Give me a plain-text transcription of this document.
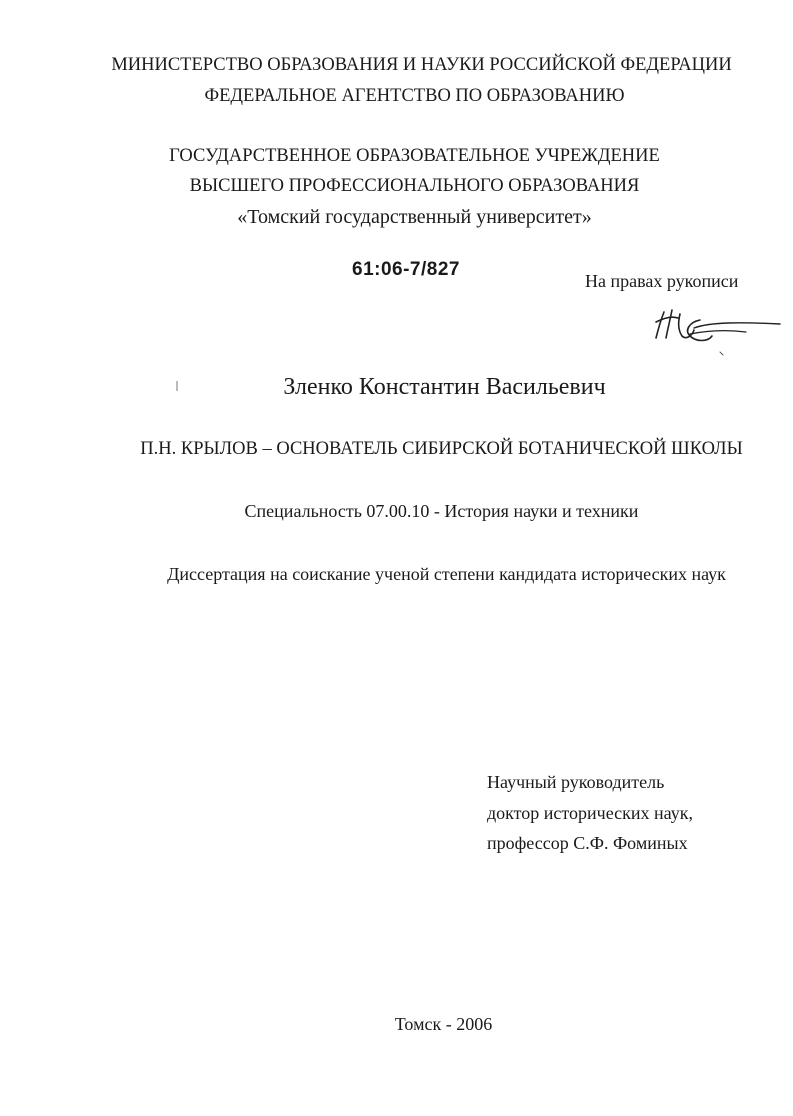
МИНИСТЕРСТВО ОБРАЗОВАНИЯ И НАУКИ РОССИЙСКОЙ ФЕДЕРАЦИИ
ФЕДЕРАЛЬНОЕ АГЕНТСТВО ПО ОБРАЗОВАНИЮ
ГОСУДАРСТВЕННОЕ ОБРАЗОВАТЕЛЬНОЕ УЧРЕЖДЕНИЕ
ВЫСШЕГО ПРОФЕССИОНАЛЬНОГО ОБРАЗОВАНИЯ
«Томский государственный университет»
61:06-7/827
На правах рукописи
Зленко Константин Васильевич
П.Н. КРЫЛОВ – ОСНОВАТЕЛЬ СИБИРСКОЙ БОТАНИЧЕСКОЙ ШКОЛЫ
Специальность 07.00.10 - История науки и техники
Диссертация на соискание ученой степени кандидата исторических наук
Научный руководитель
доктор исторических наук,
профессор С.Ф. Фоминых
Томск - 2006
